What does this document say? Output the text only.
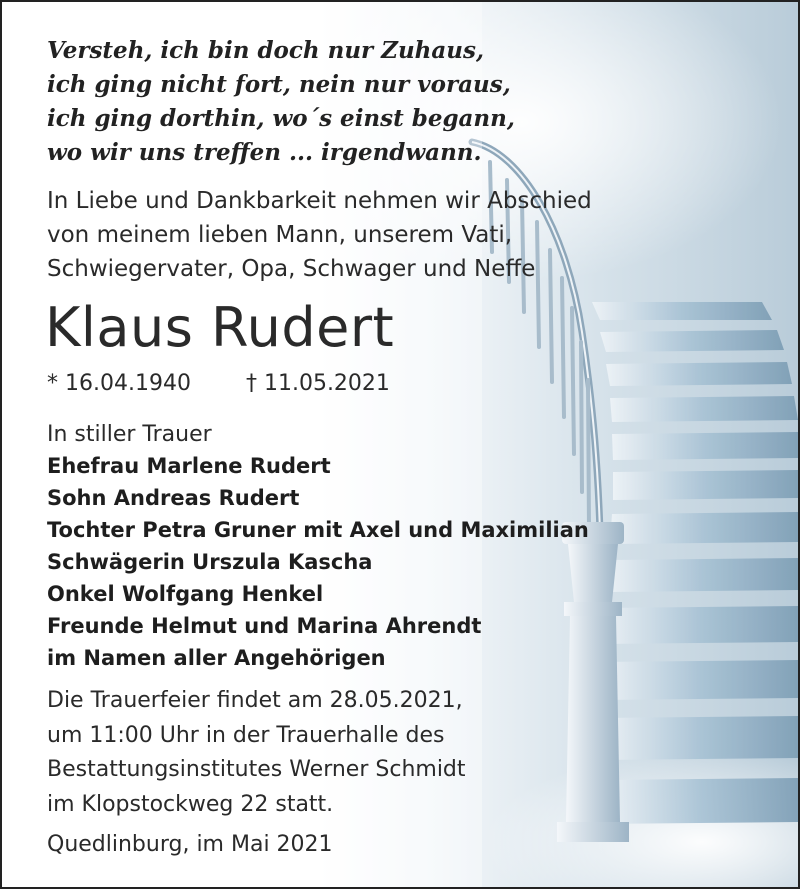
Versteh, ich bin doch nur Zuhaus,
ich ging nicht fort, nein nur voraus,
ich ging dorthin, wo´s einst begann,
wo wir uns treffen ... irgendwann.
In Liebe und Dankbarkeit nehmen wir Abschied
von meinem lieben Mann, unserem Vati,
Schwiegervater, Opa, Schwager und Neffe
Klaus Rudert
* 16.04.1940	† 11.05.2021
In stiller Trauer
Ehefrau Marlene Rudert
Sohn Andreas Rudert
Tochter Petra Gruner mit Axel und Maximilian
Schwägerin Urszula Kascha
Onkel Wolfgang Henkel
Freunde Helmut und Marina Ahrendt
im Namen aller Angehörigen
Die Trauerfeier findet am 28.05.2021,
um 11:00 Uhr in der Trauerhalle des
Bestattungsinstitutes Werner Schmidt
im Klopstockweg 22 statt.
Quedlinburg, im Mai 2021
